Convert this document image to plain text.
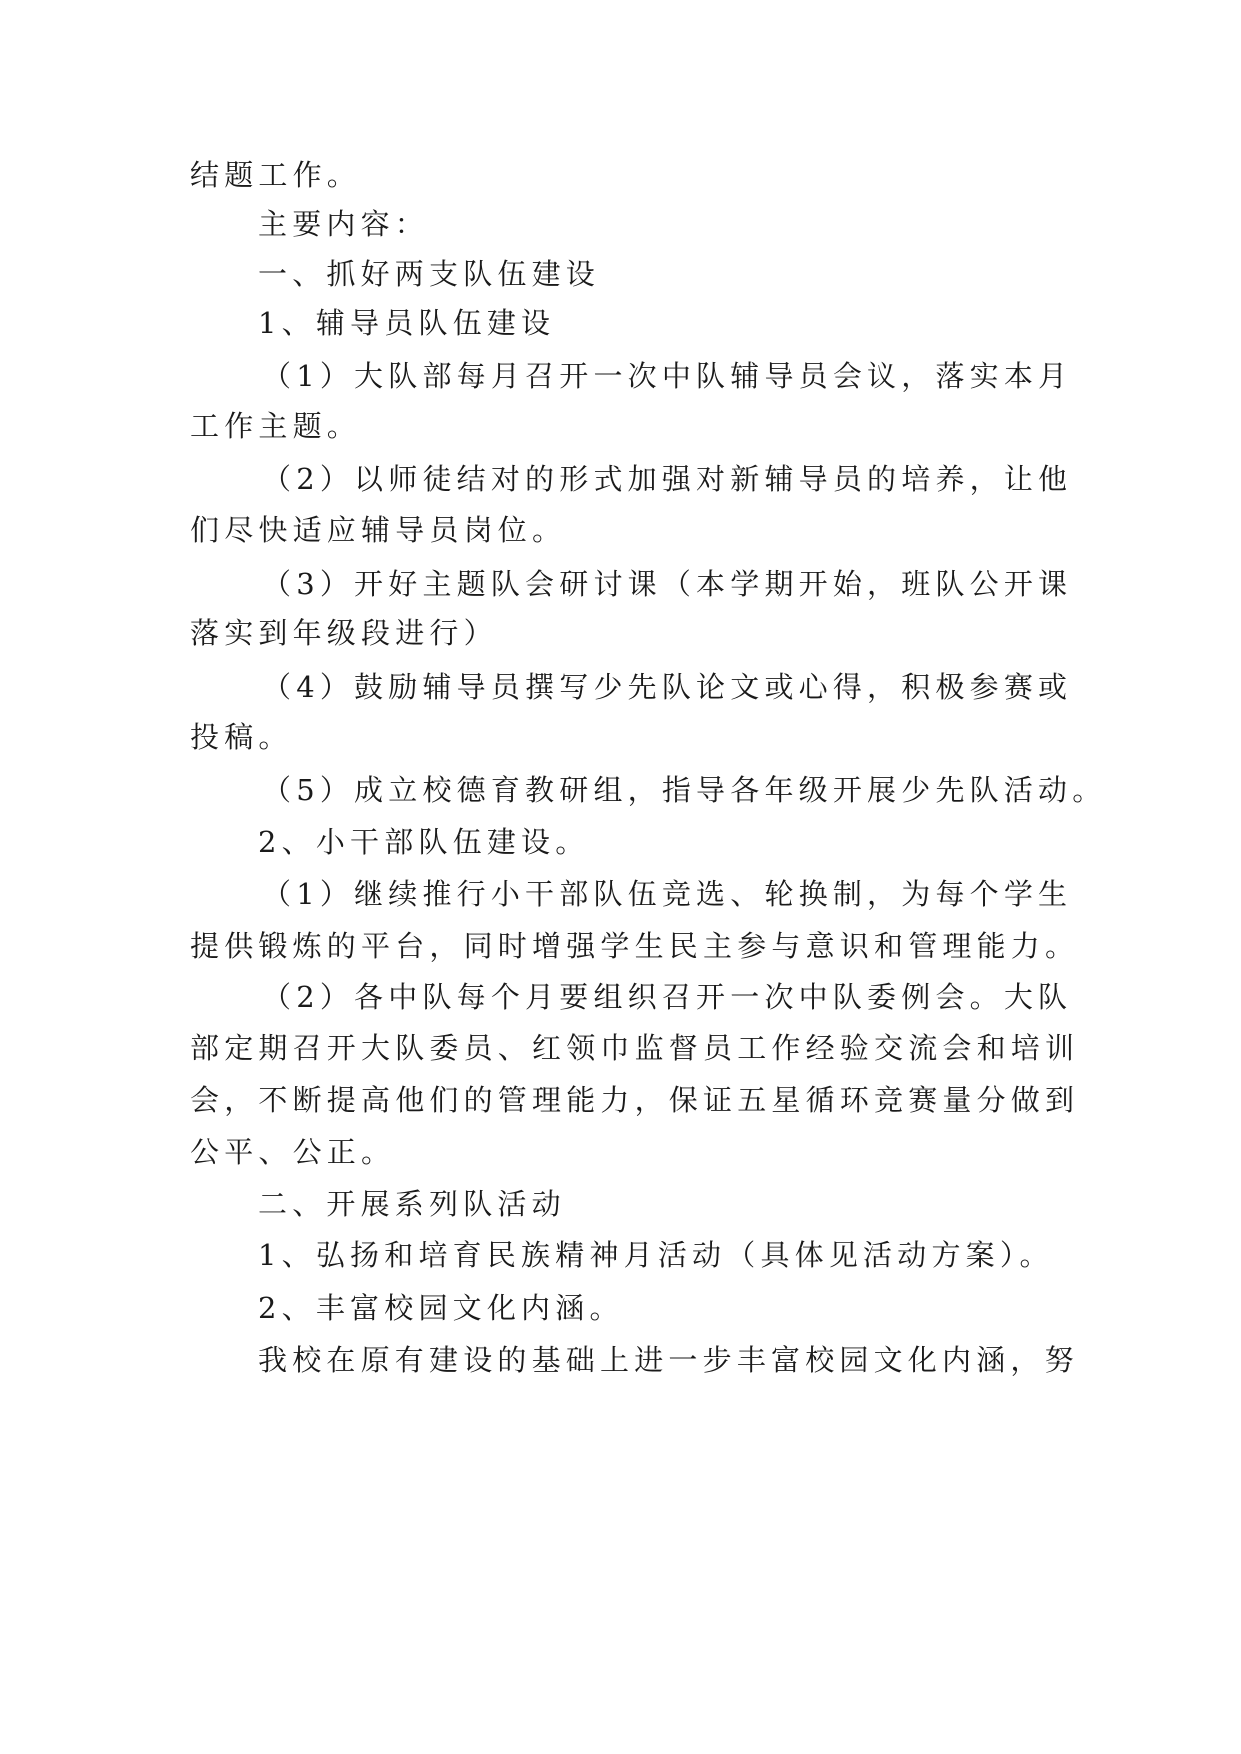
结题工作。
主要内容：
一、抓好两支队伍建设
1、辅导员队伍建设
（1）大队部每月召开一次中队辅导员会议，落实本月
工作主题。
（2）以师徒结对的形式加强对新辅导员的培养，让他
们尽快适应辅导员岗位。
（3）开好主题队会研讨课（本学期开始，班队公开课
落实到年级段进行）
（4）鼓励辅导员撰写少先队论文或心得，积极参赛或
投稿。
（5）成立校德育教研组，指导各年级开展少先队活动。
2、小干部队伍建设。
（1）继续推行小干部队伍竞选、轮换制，为每个学生
提供锻炼的平台，同时增强学生民主参与意识和管理能力。
（2）各中队每个月要组织召开一次中队委例会。大队
部定期召开大队委员、红领巾监督员工作经验交流会和培训
会，不断提高他们的管理能力，保证五星循环竞赛量分做到
公平、公正。
二、开展系列队活动
1、弘扬和培育民族精神月活动（具体见活动方案）。
2、丰富校园文化内涵。
我校在原有建设的基础上进一步丰富校园文化内涵，努
